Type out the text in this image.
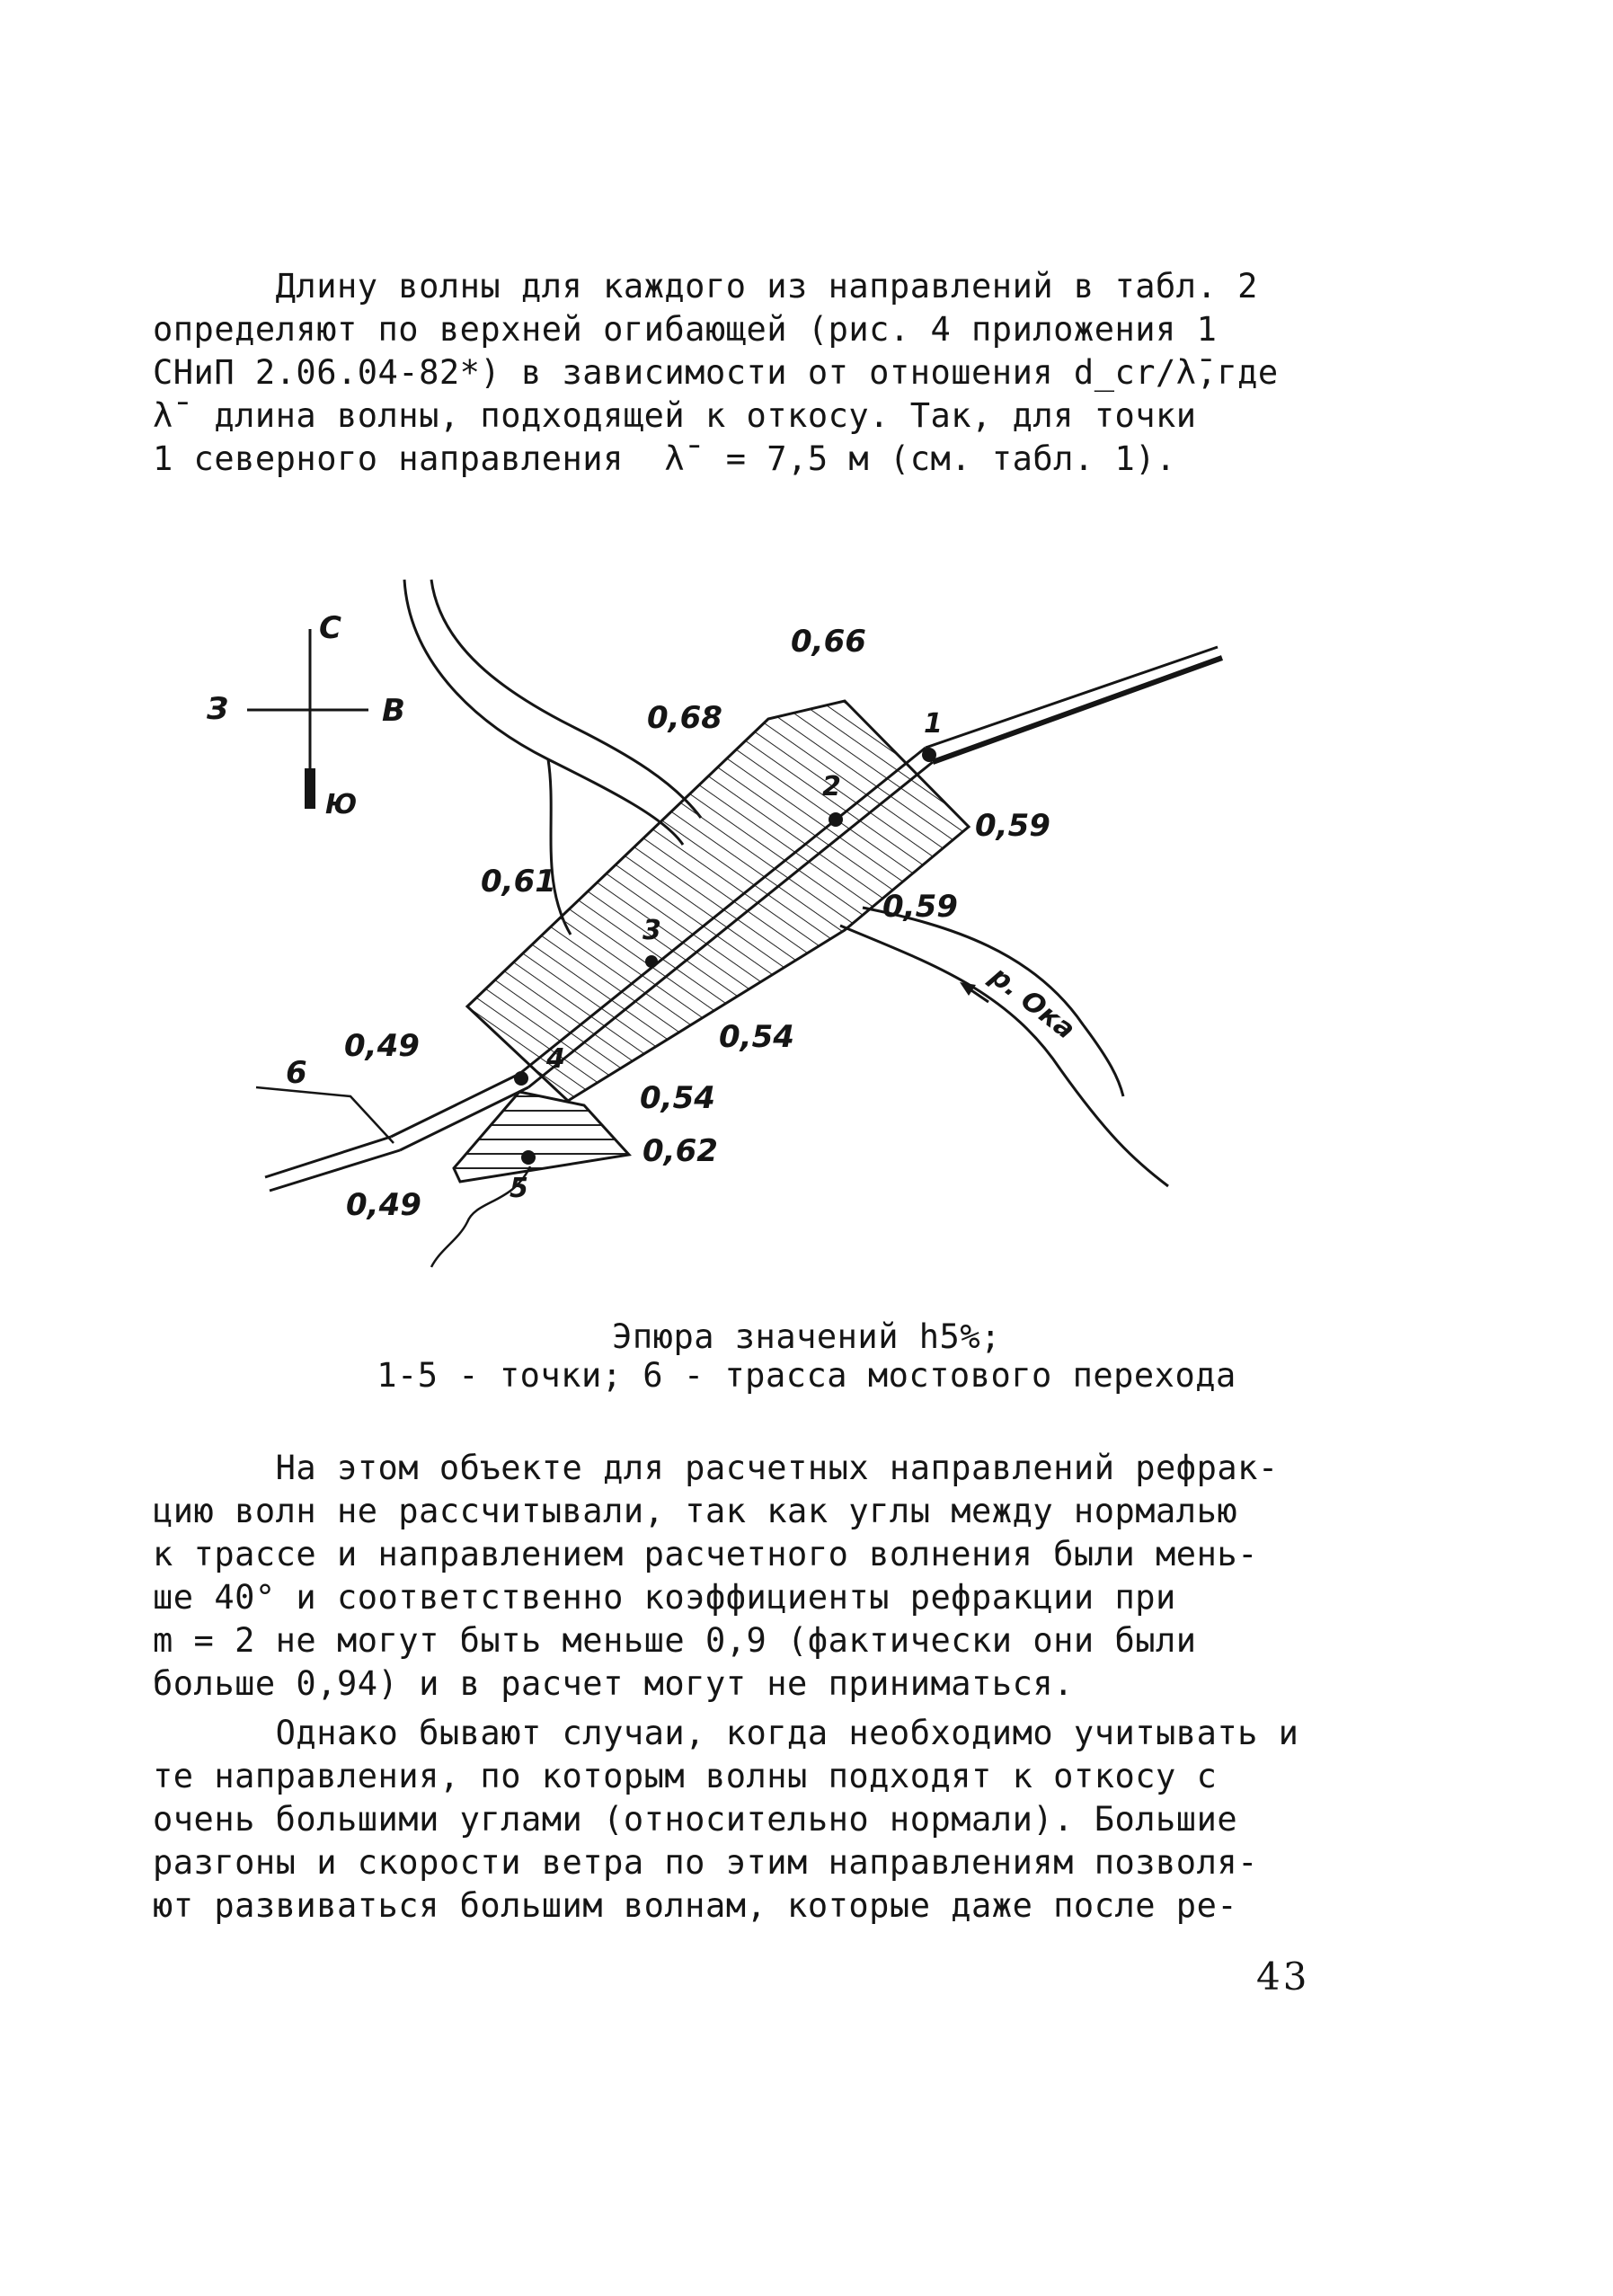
Длину волны для каждого из направлений в табл. 2
определяют по верхней огибающей (рис. 4 приложения 1
СНиП 2.06.04-82*) в зависимости от отношения d_cr/λ̄,где
λ̄  длина волны, подходящей к откосу. Так, для точки
1 северного направления  λ̄  = 7,5 м (см. табл. 1).
С
В
З
Ю
1
2
3
4
5
0,66
0,68
0,61
0,59
0,59
0,54
0,54
0,62
0,49
0,49
6
р. Ока
Эпюра значений h5%;
1-5 - точки; 6 - трасса мостового перехода
На этом объекте для расчетных направлений рефрак-
цию волн не рассчитывали, так как углы между нормалью
к трассе и направлением расчетного волнения были мень-
ше 40° и соответственно коэффициенты рефракции при
m = 2 не могут быть меньше 0,9 (фактически они были
больше 0,94) и в расчет могут не приниматься.
Однако бывают случаи, когда необходимо учитывать и
те направления, по которым волны подходят к откосу с
очень большими углами (относительно нормали). Большие
разгоны и скорости ветра по этим направлениям позволя-
ют развиваться большим волнам, которые даже после ре-
43
